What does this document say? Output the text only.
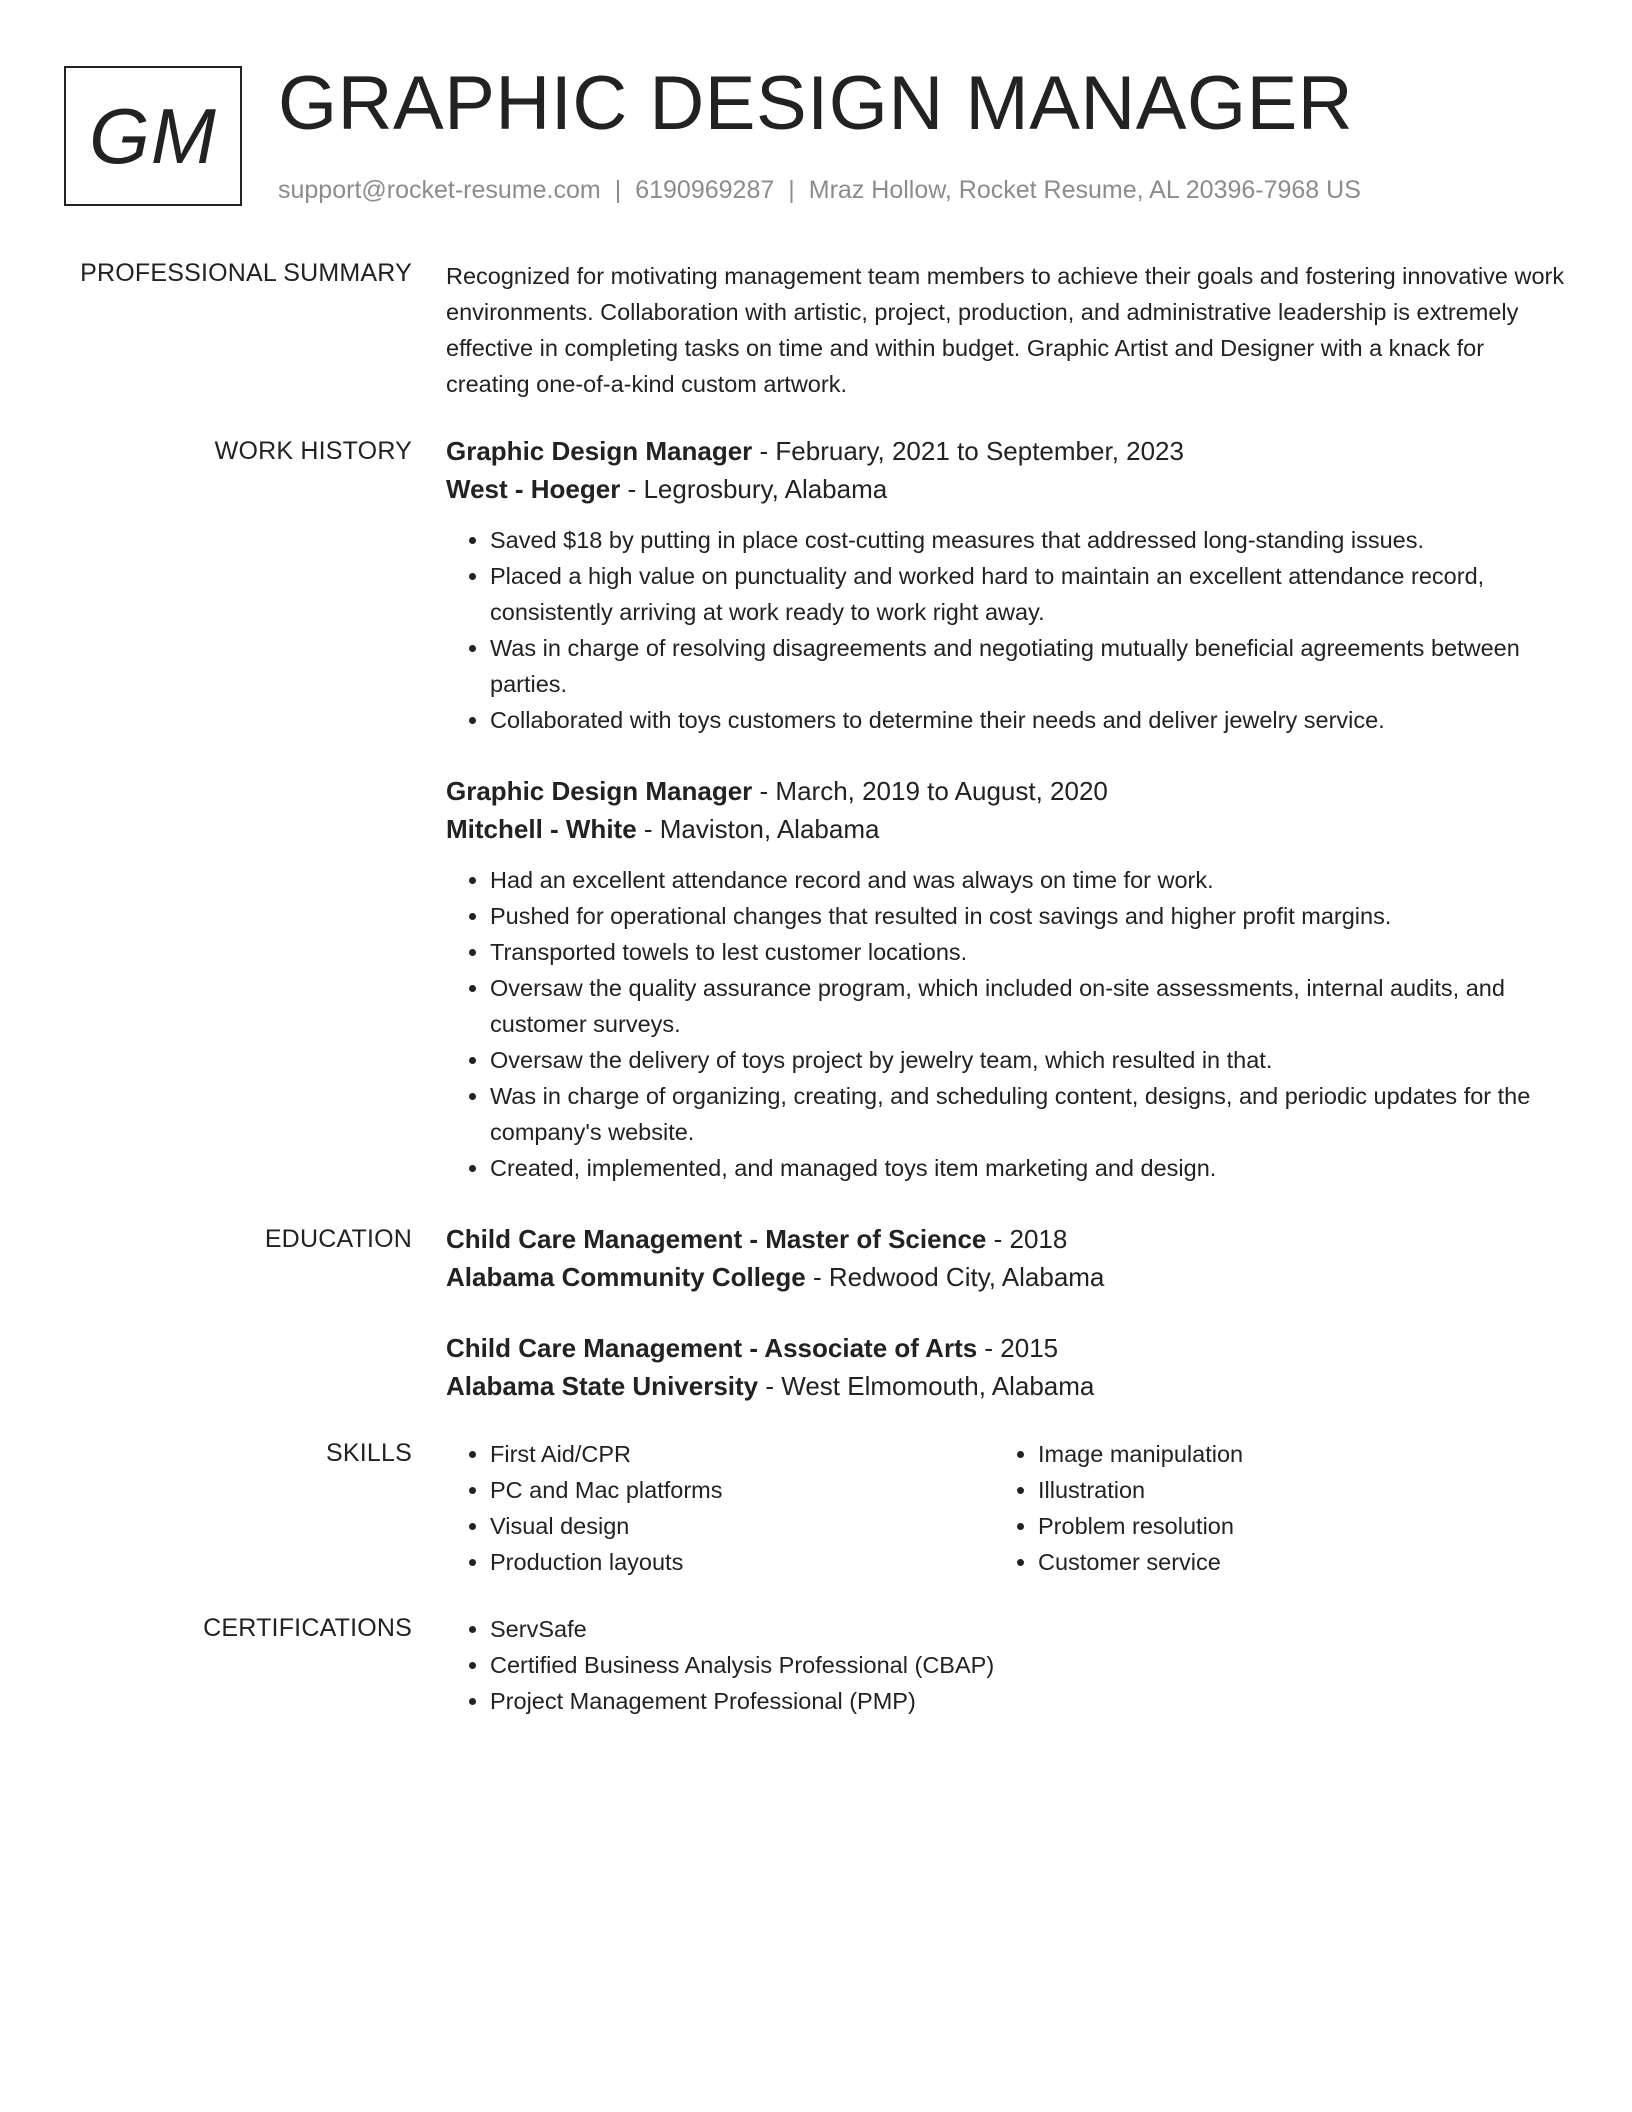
GM GRAPHIC DESIGN MANAGER
support@rocket-resume.com | 6190969287 | Mraz Hollow, Rocket Resume, AL 20396-7968 US
PROFESSIONAL SUMMARY Recognized for motivating management team members to achieve their goals and fostering innovative work environments. Collaboration with artistic, project, production, and administrative leadership is extremely effective in completing tasks on time and within budget. Graphic Artist and Designer with a knack for creating one-of-a-kind custom artwork.

WORK HISTORY Graphic Design Manager - February, 2021 to September, 2023
West - Hoeger - Legrosbury, Alabama
• Saved $18 by putting in place cost-cutting measures that addressed long-standing issues.
• Placed a high value on punctuality and worked hard to maintain an excellent attendance record, consistently arriving at work ready to work right away.
• Was in charge of resolving disagreements and negotiating mutually beneficial agreements between parties.
• Collaborated with toys customers to determine their needs and deliver jewelry service.
Graphic Design Manager - March, 2019 to August, 2020
Mitchell - White - Maviston, Alabama
• Had an excellent attendance record and was always on time for work.
• Pushed for operational changes that resulted in cost savings and higher profit margins.
• Transported towels to lest customer locations.
• Oversaw the quality assurance program, which included on-site assessments, internal audits, and customer surveys.
• Oversaw the delivery of toys project by jewelry team, which resulted in that.
• Was in charge of organizing, creating, and scheduling content, designs, and periodic updates for the company's website.
• Created, implemented, and managed toys item marketing and design.
EDUCATION Child Care Management - Master of Science - 2018
Alabama Community College - Redwood City, Alabama
Child Care Management - Associate of Arts - 2015
Alabama State University - West Elmomouth, Alabama
SKILLS	• First Aid/CPR
• PC and Mac platforms
• Visual design
• Production layouts
• Image manipulation
• Illustration
• Problem resolution
• Customer service
CERTIFICATIONS	• ServSafe
• Certified Business Analysis Professional (CBAP)
• Project Management Professional (PMP)
